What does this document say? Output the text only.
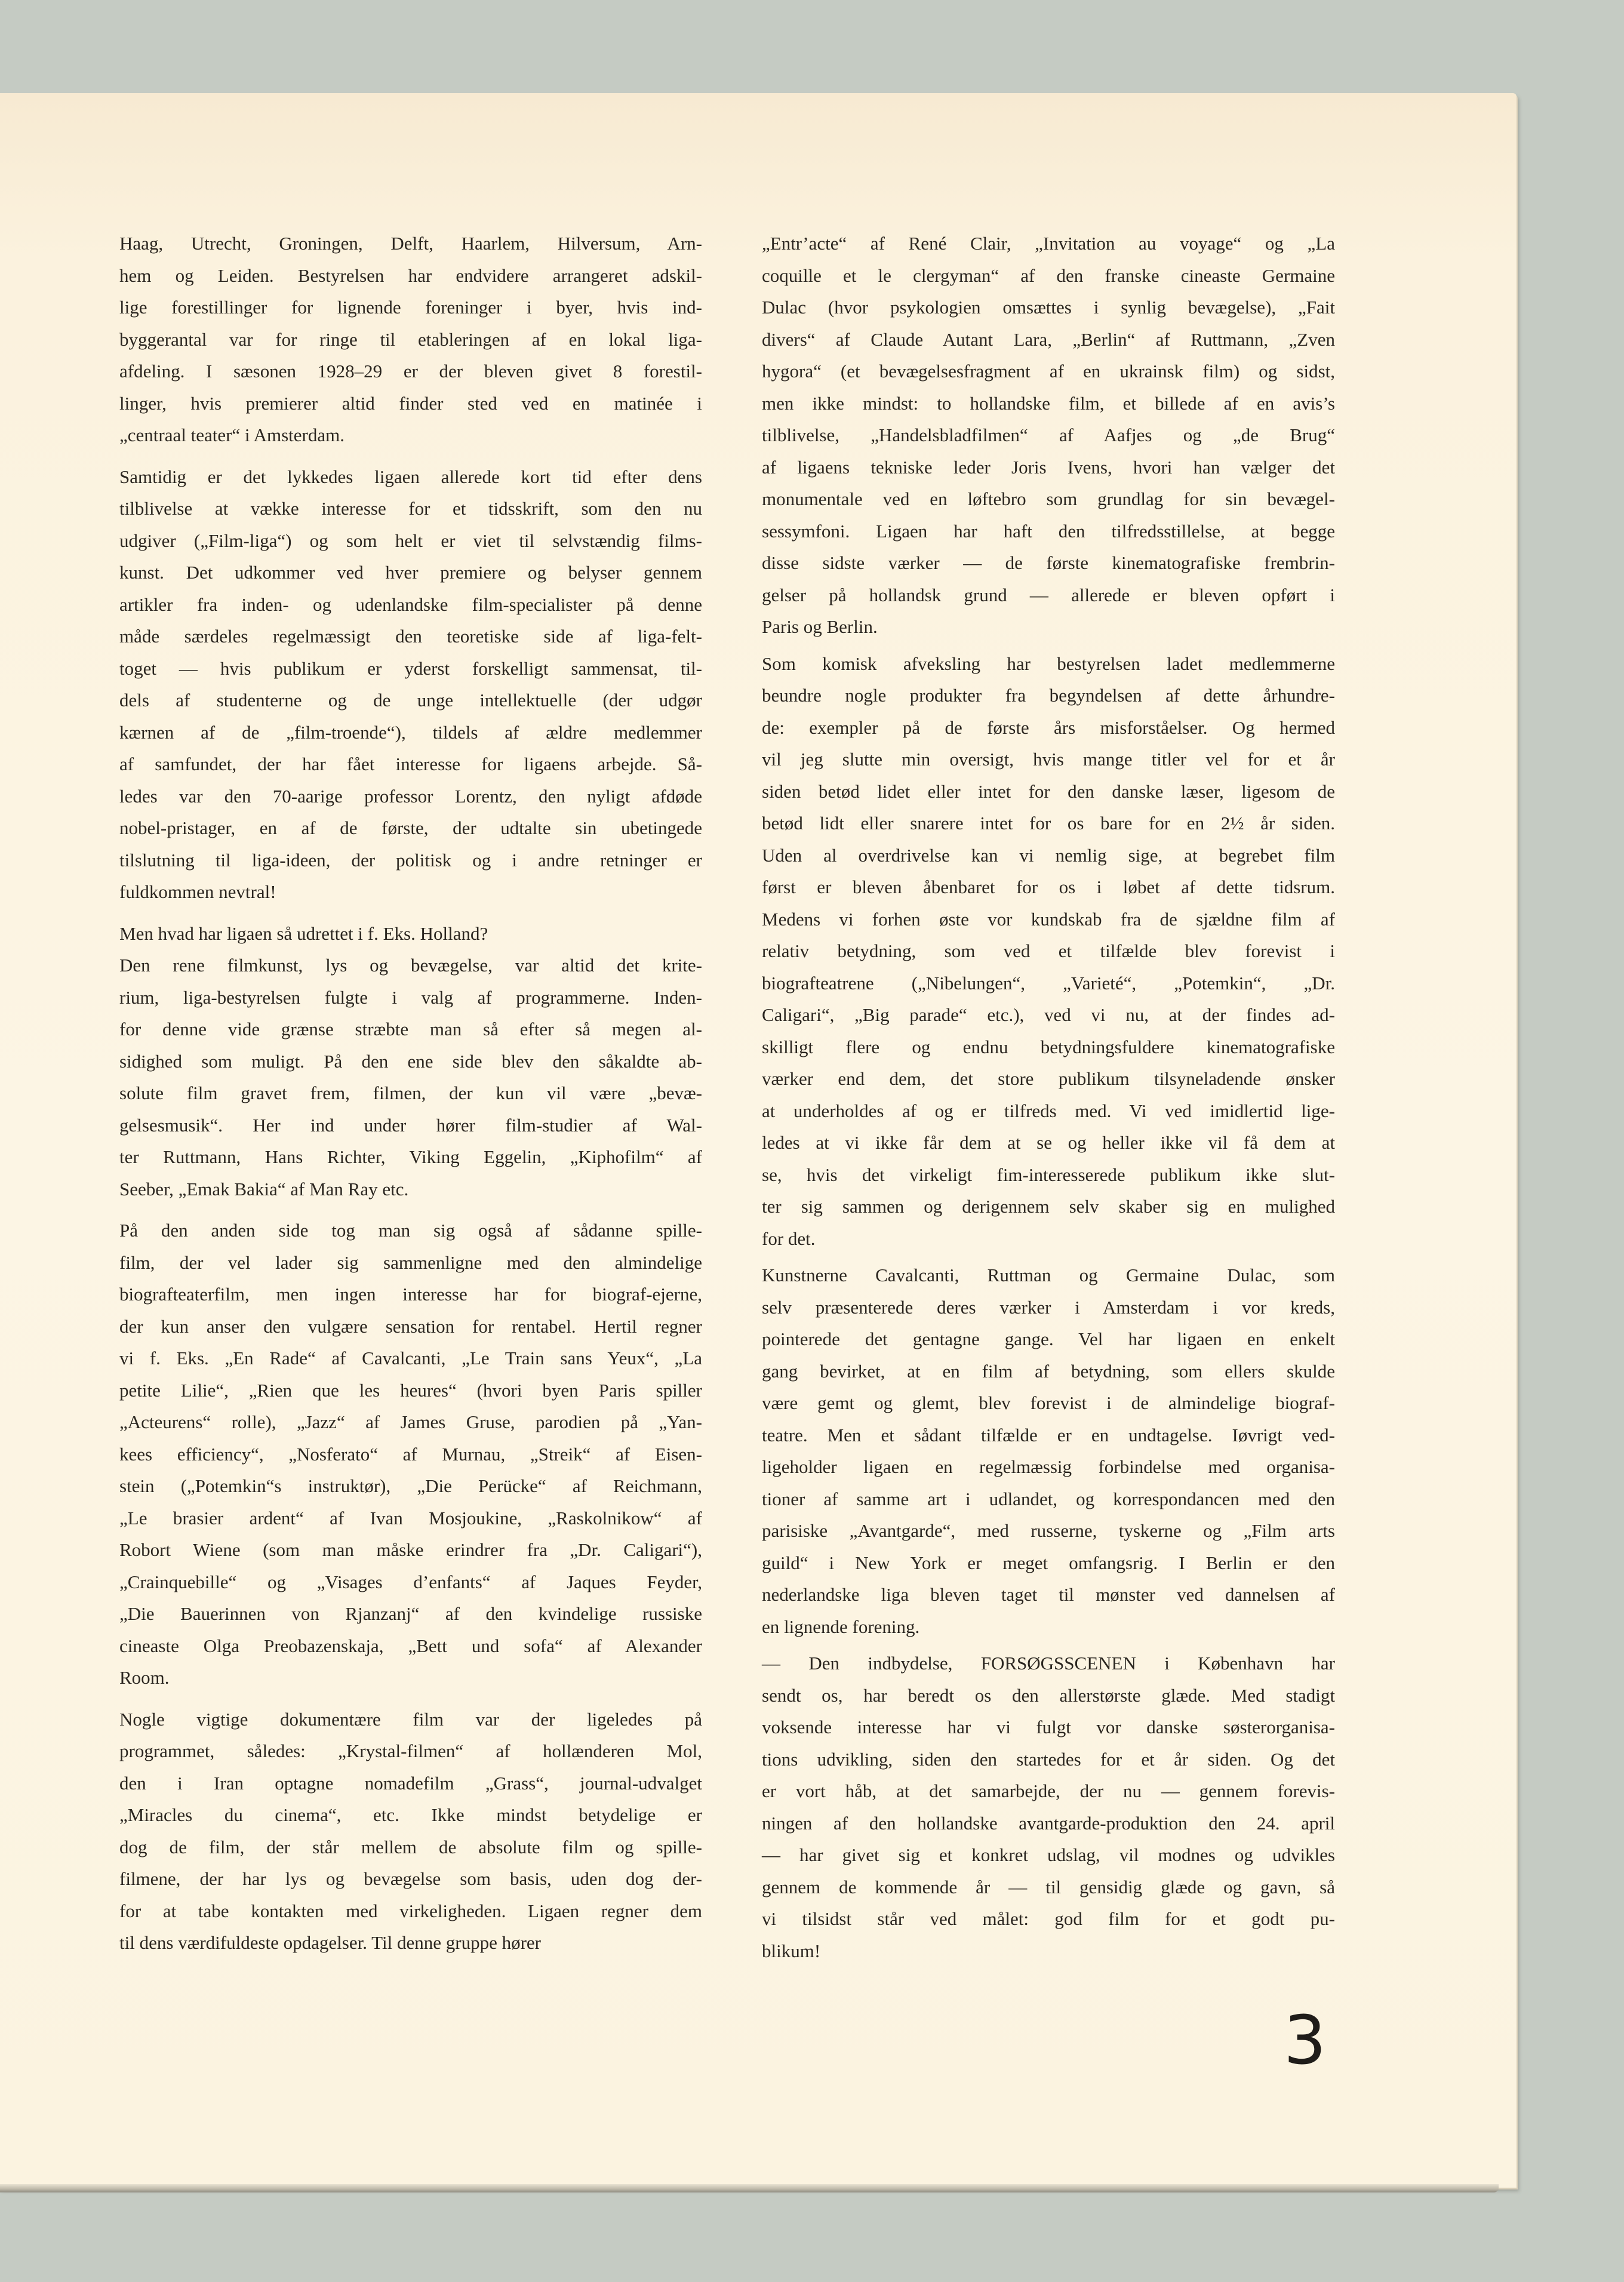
Haag, Utrecht, Groningen, Delft, Haarlem, Hilversum, Arn-
hem og Leiden. Bestyrelsen har endvidere arrangeret adskil-
lige forestillinger for lignende foreninger i byer, hvis ind-
byggerantal var for ringe til etableringen af en lokal liga-
afdeling. I sæsonen 1928–29 er der bleven givet 8 forestil-
linger, hvis premierer altid finder sted ved en matinée i
„centraal teater“ i Amsterdam.

Samtidig er det lykkedes ligaen allerede kort tid efter dens
tilblivelse at vække interesse for et tidsskrift, som den nu
udgiver („Film-liga“) og som helt er viet til selvstændig films-
kunst. Det udkommer ved hver premiere og belyser gennem
artikler fra inden- og udenlandske film-specialister på denne
måde særdeles regelmæssigt den teoretiske side af liga-felt-
toget — hvis publikum er yderst forskelligt sammensat, til-
dels af studenterne og de unge intellektuelle (der udgør
kærnen af de „film-troende“), tildels af ældre medlemmer
af samfundet, der har fået interesse for ligaens arbejde. Så-
ledes var den 70-aarige professor Lorentz, den nyligt afdøde
nobel-pristager, en af de første, der udtalte sin ubetingede
tilslutning til liga-ideen, der politisk og i andre retninger er
fuldkommen nevtral!

Men hvad har ligaen så udrettet i f. Eks. Holland?

Den rene filmkunst, lys og bevægelse, var altid det krite-
rium, liga-bestyrelsen fulgte i valg af programmerne. Inden-
for denne vide grænse stræbte man så efter så megen al-
sidighed som muligt. På den ene side blev den såkaldte ab-
solute film gravet frem, filmen, der kun vil være „bevæ-
gelsesmusik“. Her ind under hører film-studier af Wal-
ter Ruttmann, Hans Richter, Viking Eggelin, „Kiphofilm“ af
Seeber, „Emak Bakia“ af Man Ray etc.

På den anden side tog man sig også af sådanne spille-
film, der vel lader sig sammenligne med den almindelige
biografteaterfilm, men ingen interesse har for biograf-ejerne,
der kun anser den vulgære sensation for rentabel. Hertil regner
vi f. Eks. „En Rade“ af Cavalcanti, „Le Train sans Yeux“, „La
petite Lilie“, „Rien que les heures“ (hvori byen Paris spiller
„Acteurens“ rolle), „Jazz“ af James Gruse, parodien på „Yan-
kees efficiency“, „Nosferato“ af Murnau, „Streik“ af Eisen-
stein („Potemkin“s instruktør), „Die Perücke“ af Reichmann,
„Le brasier ardent“ af Ivan Mosjoukine, „Raskolnikow“ af
Robort Wiene (som man måske erindrer fra „Dr. Caligari“),
„Crainquebille“ og „Visages d’enfants“ af Jaques Feyder,
„Die Bauerinnen von Rjanzanj“ af den kvindelige russiske
cineaste Olga Preobazenskaja, „Bett und sofa“ af Alexander
Room.

Nogle vigtige dokumentære film var der ligeledes på
programmet, således: „Krystal-filmen“ af hollænderen Mol,
den i Iran optagne nomadefilm „Grass“, journal-udvalget
„Miracles du cinema“, etc. Ikke mindst betydelige er
dog de film, der står mellem de absolute film og spille-
filmene, der har lys og bevægelse som basis, uden dog der-
for at tabe kontakten med virkeligheden. Ligaen regner dem
til dens værdifuldeste opdagelser. Til denne gruppe hører

„Entr’acte“ af René Clair, „Invitation au voyage“ og „La
coquille et le clergyman“ af den franske cineaste Germaine
Dulac (hvor psykologien omsættes i synlig bevægelse), „Fait
divers“ af Claude Autant Lara, „Berlin“ af Ruttmann, „Zven
hygora“ (et bevægelsesfragment af en ukrainsk film) og sidst,
men ikke mindst: to hollandske film, et billede af en avis’s
tilblivelse, „Handelsbladfilmen“ af Aafjes og „de Brug“
af ligaens tekniske leder Joris Ivens, hvori han vælger det
monumentale ved en løftebro som grundlag for sin bevægel-
sessymfoni. Ligaen har haft den tilfredsstillelse, at begge
disse sidste værker — de første kinematografiske frembrin-
gelser på hollandsk grund — allerede er bleven opført i
Paris og Berlin.

Som komisk afveksling har bestyrelsen ladet medlemmerne
beundre nogle produkter fra begyndelsen af dette århundre-
de: exempler på de første års misforståelser. Og hermed
vil jeg slutte min oversigt, hvis mange titler vel for et år
siden betød lidet eller intet for den danske læser, ligesom de
betød lidt eller snarere intet for os bare for en 2½ år siden.
Uden al overdrivelse kan vi nemlig sige, at begrebet film
først er bleven åbenbaret for os i løbet af dette tidsrum.
Medens vi forhen øste vor kundskab fra de sjældne film af
relativ betydning, som ved et tilfælde blev forevist i
biografteatrene („Nibelungen“, „Varieté“, „Potemkin“, „Dr.
Caligari“, „Big parade“ etc.), ved vi nu, at der findes ad-
skilligt flere og endnu betydningsfuldere kinematografiske
værker end dem, det store publikum tilsyneladende ønsker
at underholdes af og er tilfreds med. Vi ved imidlertid lige-
ledes at vi ikke får dem at se og heller ikke vil få dem at
se, hvis det virkeligt fim-interesserede publikum ikke slut-
ter sig sammen og derigennem selv skaber sig en mulighed
for det.

Kunstnerne Cavalcanti, Ruttman og Germaine Dulac, som
selv præsenterede deres værker i Amsterdam i vor kreds,
pointerede det gentagne gange. Vel har ligaen en enkelt
gang bevirket, at en film af betydning, som ellers skulde
være gemt og glemt, blev forevist i de almindelige biograf-
teatre. Men et sådant tilfælde er en undtagelse. Iøvrigt ved-
ligeholder ligaen en regelmæssig forbindelse med organisa-
tioner af samme art i udlandet, og korrespondancen med den
parisiske „Avantgarde“, med russerne, tyskerne og „Film arts
guild“ i New York er meget omfangsrig. I Berlin er den
nederlandske liga bleven taget til mønster ved dannelsen af
en lignende forening.

— Den indbydelse, FORSØGSSCENEN i København har
sendt os, har beredt os den allerstørste glæde. Med stadigt
voksende interesse har vi fulgt vor danske søsterorganisa-
tions udvikling, siden den startedes for et år siden. Og det
er vort håb, at det samarbejde, der nu — gennem forevis-
ningen af den hollandske avantgarde-produktion den 24. april
— har givet sig et konkret udslag, vil modnes og udvikles
gennem de kommende år — til gensidig glæde og gavn, så
vi tilsidst står ved målet: god film for et godt pu-
blikum!

3
